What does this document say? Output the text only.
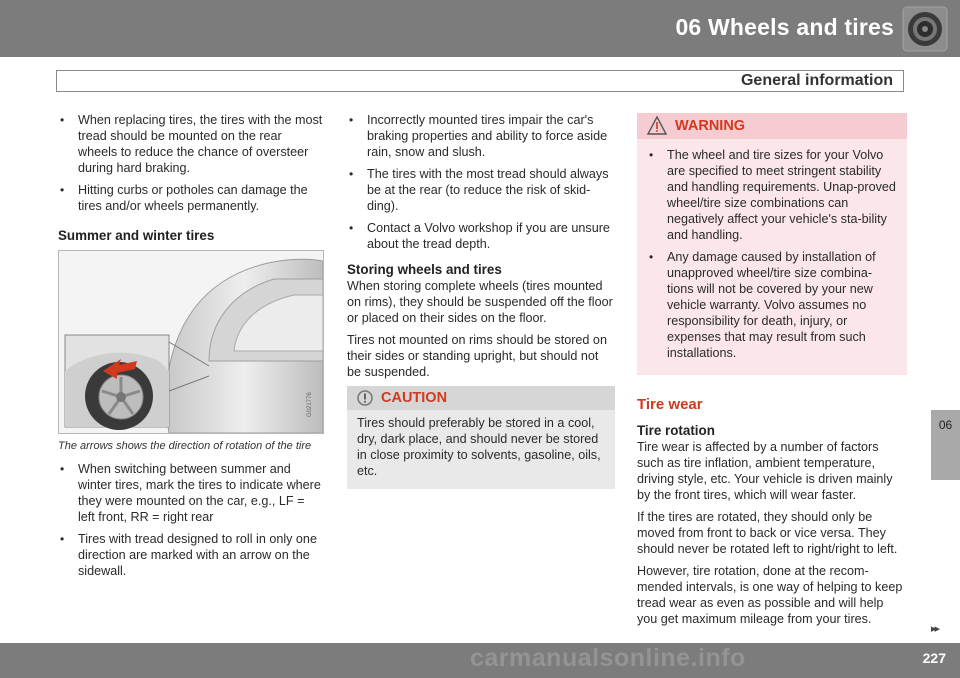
06 Wheels and tires
General information
• When replacing tires, the tires with the most tread should be mounted on the rear wheels to reduce the chance of oversteer during hard braking.
• Hitting curbs or potholes can damage the tires and/or wheels permanently.
Summer and winter tires
G021776
The arrows shows the direction of rotation of the tire
• When switching between summer and winter tires, mark the tires to indicate where they were mounted on the car, e.g., LF = left front, RR = right rear
• Tires with tread designed to roll in only one direction are marked with an arrow on the sidewall.
• Incorrectly mounted tires impair the car's braking properties and ability to force aside rain, snow and slush.
• The tires with the most tread should always be at the rear (to reduce the risk of skid-ding).
• Contact a Volvo workshop if you are unsure about the tread depth.
Storing wheels and tires

When storing complete wheels (tires mounted on rims), they should be suspended off the floor or placed on their sides on the floor.

Tires not mounted on rims should be stored on their sides or standing upright, but should not be suspended.

CAUTION
Tires should preferably be stored in a cool, dry, dark place, and should never be stored in close proximity to solvents, gasoline, oils, etc.
WARNING
• The wheel and tire sizes for your Volvo are specified to meet stringent stability and handling requirements. Unap-proved wheel/tire size combinations can negatively affect your vehicle's sta-bility and handling.
• Any damage caused by installation of unapproved wheel/tire size combina-tions will not be covered by your new vehicle warranty. Volvo assumes no responsibility for death, injury, or expenses that may result from such installations.
Tire wear
Tire rotation

Tire wear is affected by a number of factors such as tire inflation, ambient temperature, driving style, etc. Your vehicle is driven mainly by the front tires, which will wear faster.

If the tires are rotated, they should only be moved from front to back or vice versa. They should never be rotated left to right/right to left.

However, tire rotation, done at the recom-mended intervals, is one way of helping to keep tread wear as even as possible and will help you get maximum mileage from your tires.

06
▸▸
carmanualsonline.info	227
